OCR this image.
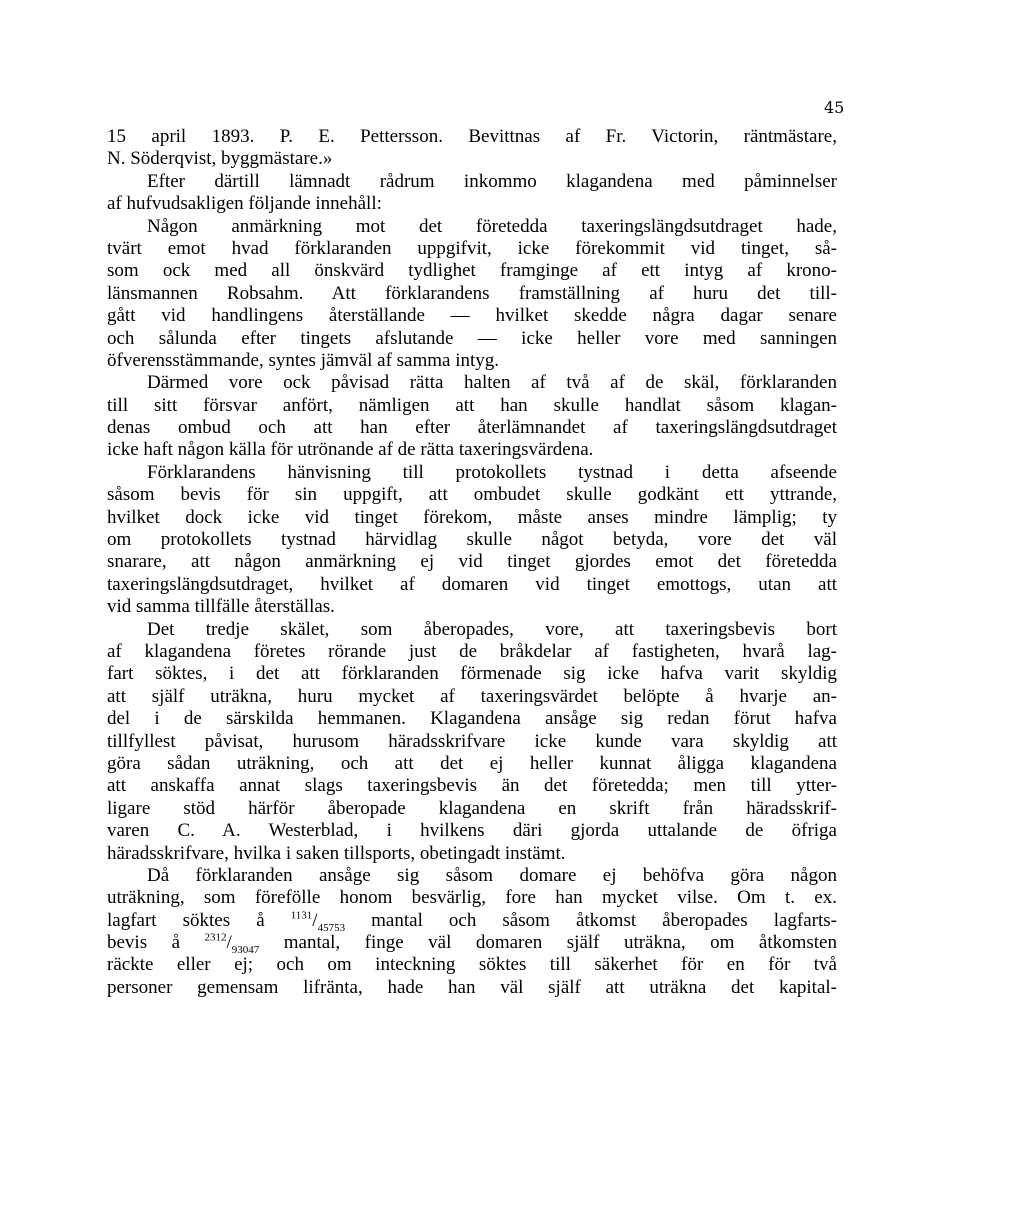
45
15 april 1893. P. E. Pettersson. Bevittnas af Fr. Victorin, räntmästare,
N. Söderqvist, byggmästare.»
Efter därtill lämnadt rådrum inkommo klagandena med påminnelser
af hufvudsakligen följande innehåll:
Någon anmärkning mot det företedda taxeringslängdsutdraget hade,
tvärt emot hvad förklaranden uppgifvit, icke förekommit vid tinget, så-
som ock med all önskvärd tydlighet framginge af ett intyg af krono-
länsmannen Robsahm. Att förklarandens framställning af huru det till-
gått vid handlingens återställande — hvilket skedde några dagar senare
och sålunda efter tingets afslutande — icke heller vore med sanningen
öfverensstämmande, syntes jämväl af samma intyg.
Därmed vore ock påvisad rätta halten af två af de skäl, förklaranden
till sitt försvar anfört, nämligen att han skulle handlat såsom klagan-
denas ombud och att han efter återlämnandet af taxeringslängdsutdraget
icke haft någon källa för utrönande af de rätta taxeringsvärdena.
Förklarandens hänvisning till protokollets tystnad i detta afseende
såsom bevis för sin uppgift, att ombudet skulle godkänt ett yttrande,
hvilket dock icke vid tinget förekom, måste anses mindre lämplig; ty
om protokollets tystnad härvidlag skulle något betyda, vore det väl
snarare, att någon anmärkning ej vid tinget gjordes emot det företedda
taxeringslängdsutdraget, hvilket af domaren vid tinget emottogs, utan att
vid samma tillfälle återställas.
Det tredje skälet, som åberopades, vore, att taxeringsbevis bort
af klagandena företes rörande just de bråkdelar af fastigheten, hvarå lag-
fart söktes, i det att förklaranden förmenade sig icke hafva varit skyldig
att själf uträkna, huru mycket af taxeringsvärdet belöpte å hvarje an-
del i de särskilda hemmanen. Klagandena ansåge sig redan förut hafva
tillfyllest påvisat, hurusom häradsskrifvare icke kunde vara skyldig att
göra sådan uträkning, och att det ej heller kunnat åligga klagandena
att anskaffa annat slags taxeringsbevis än det företedda; men till ytter-
ligare stöd härför åberopade klagandena en skrift från häradsskrif-
varen C. A. Westerblad, i hvilkens däri gjorda uttalande de öfriga
häradsskrifvare, hvilka i saken tillsports, obetingadt instämt.
Då förklaranden ansåge sig såsom domare ej behöfva göra någon
uträkning, som föreföllе honom besvärlig, fore han mycket vilse. Om t. ex.
lagfart söktes å $^{1131}/_{45753}$ mantal och såsom åtkomst åberopades lagfarts-
bevis å $^{2312}/_{93047}$ mantal, finge väl domaren själf uträkna, om åtkomsten
räckte eller ej; och om inteckning söktes till säkerhet för en för två
personer gemensam lifränta, hade han väl själf att uträkna det kapital-
